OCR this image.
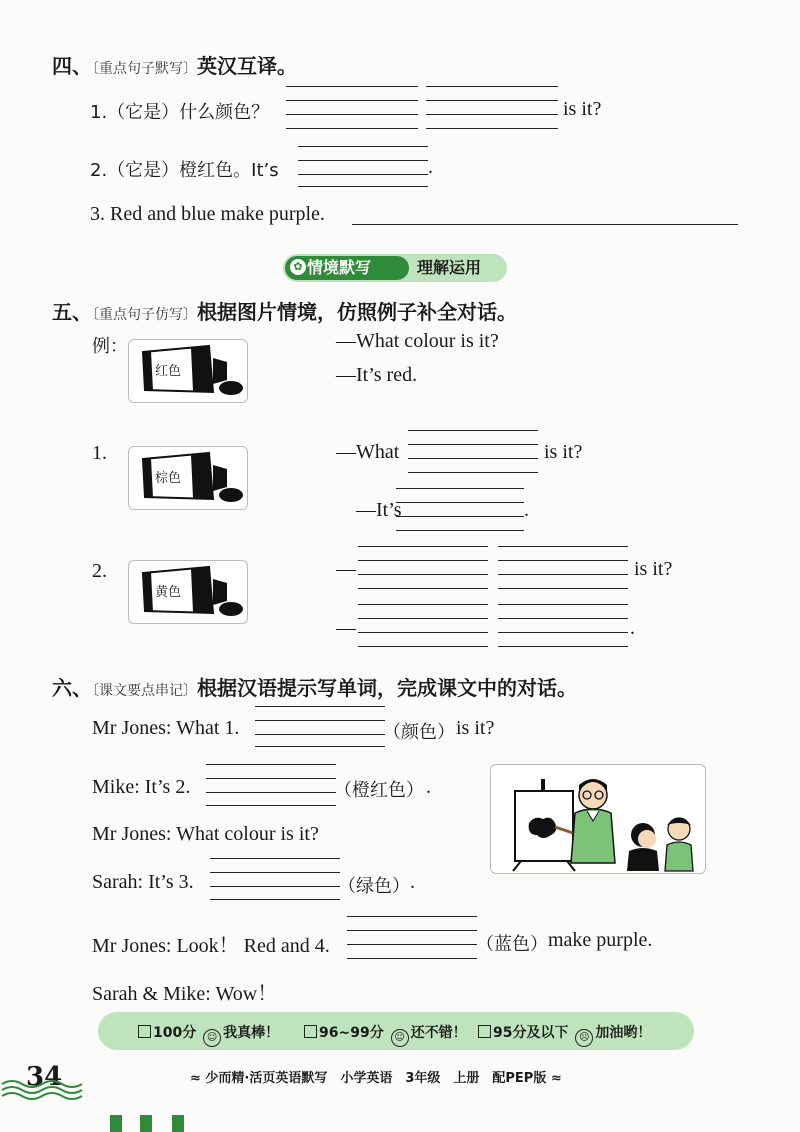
四、〔重点句子默写〕英汉互译。
1.（它是）什么颜色？	is it?
2.（它是）橙红色。It’s	.
3. Red and blue make purple.
✿ 情境默写	理解运用
五、〔重点句子仿写〕根据图片情境，仿照例子补全对话。
例：
红色
—What colour is it?
—It’s red.
1.
棕色
—What	is it?
—It’s	.
2.
黄色
—	is it?
—	.
六、〔课文要点串记〕根据汉语提示写单词，完成课文中的对话。
Mr Jones: What 1.	（颜色） is it?
Mike: It’s 2.	（橙红色） .
Mr Jones: What colour is it?
Sarah: It’s 3.	（绿色） .
Mr Jones: Look！ Red and 4.	（蓝色） make purple.
Sarah & Mike: Wow！
100分 ☺ 我真棒！	96~99分 ☺ 还不错！	95分及以下 ☹ 加油哟！
34	≈ 少而精·活页英语默写　小学英语　3年级　上册　配PEP版 ≈
